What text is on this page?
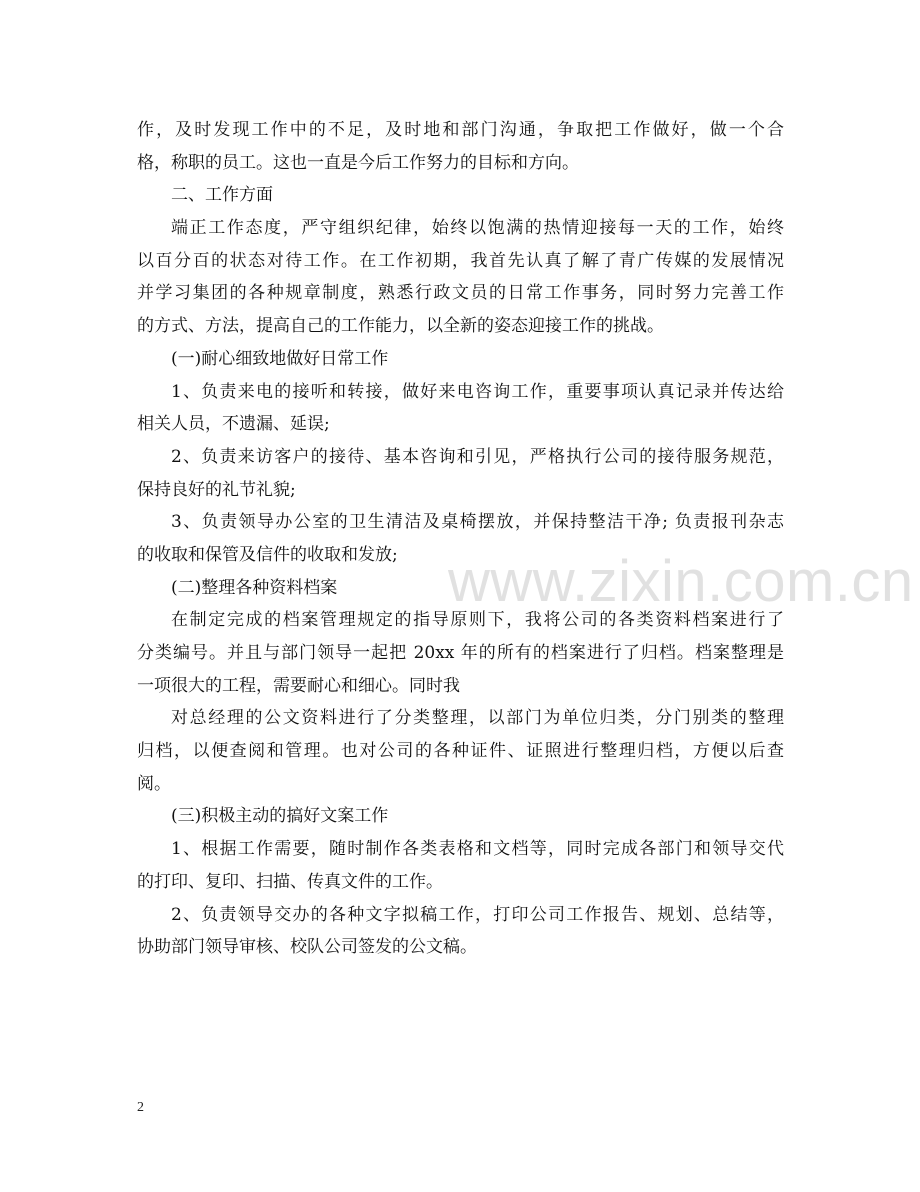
作，及时发现工作中的不足，及时地和部门沟通，争取把工作做好，做一个合
格，称职的员工。这也一直是今后工作努力的目标和方向。
二、工作方面
端正工作态度，严守组织纪律，始终以饱满的热情迎接每一天的工作，始终
以百分百的状态对待工作。在工作初期，我首先认真了解了青广传媒的发展情况
并学习集团的各种规章制度，熟悉行政文员的日常工作事务，同时努力完善工作
的方式、方法，提高自己的工作能力，以全新的姿态迎接工作的挑战。
(一)耐心细致地做好日常工作
1、负责来电的接听和转接，做好来电咨询工作，重要事项认真记录并传达给
相关人员，不遗漏、延误;
2、负责来访客户的接待、基本咨询和引见，严格执行公司的接待服务规范，
保持良好的礼节礼貌;
3、负责领导办公室的卫生清洁及桌椅摆放，并保持整洁干净; 负责报刊杂志
的收取和保管及信件的收取和发放;
(二)整理各种资料档案
在制定完成的档案管理规定的指导原则下，我将公司的各类资料档案进行了
分类编号。并且与部门领导一起把 20xx 年的所有的档案进行了归档。档案整理是
一项很大的工程，需要耐心和细心。同时我
对总经理的公文资料进行了分类整理，以部门为单位归类，分门别类的整理
归档，以便查阅和管理。也对公司的各种证件、证照进行整理归档，方便以后查
阅。
(三)积极主动的搞好文案工作
1、根据工作需要，随时制作各类表格和文档等，同时完成各部门和领导交代
的打印、复印、扫描、传真文件的工作。
2、负责领导交办的各种文字拟稿工作，打印公司工作报告、规划、总结等，
协助部门领导审核、校队公司签发的公文稿。
www.zixin.com.cn
2
